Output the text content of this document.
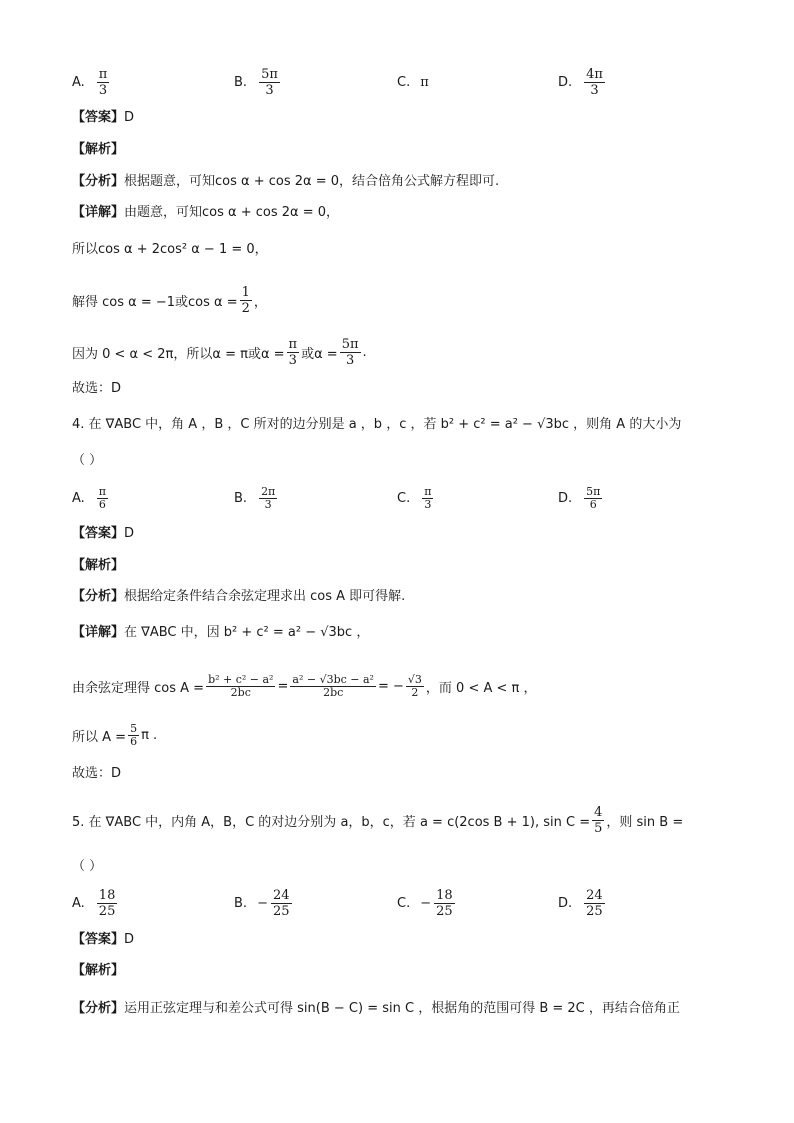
A. $\frac{\pi}{3}$	B. $\frac{5\pi}{3}$	C. π	D. $\frac{4\pi}{3}$
【答案】D
【解析】
【分析】根据题意，可知cos α + cos 2α = 0，结合倍角公式解方程即可.
【详解】由题意，可知cos α + cos 2α = 0，
所以cos α + 2cos² α − 1 = 0，
解得 cos α = −1或$\cos \alpha = \frac{1}{2}$ ，
因为 0 < α < 2π，所以α = π或$\alpha = \frac{\pi}{3}$ 或$\alpha = \frac{5\pi}{3}$ .
故选：D
4. 在 ∇ABC 中，角 A ，B ，C 所对的边分别是 a ，b ，c ，若 b² + c² = a² − √3bc ，则角 A 的大小为
（ ）
A. $\frac{\pi}{6}$	B. $\frac{2\pi}{3}$	C. $\frac{\pi}{3}$	D. $\frac{5\pi}{6}$
【答案】D
【解析】
【分析】根据给定条件结合余弦定理求出 cos A 即可得解.
【详解】在 ∇ABC 中，因 b² + c² = a² − √3bc ，
由余弦定理得 $\cos A = \frac{\text{b² + c² − a²}}{2bc} = \frac{\text{a² − √3bc − a²}}{2bc}$ = − $\frac{√3}{2}$ ，而 0 < A < π ，
所以 $A = \frac{5}{6}$ π .
故选：D
5. 在 ∇ABC 中，内角 A，B，C 的对边分别为 a，b，c，若 a = c(2cos B + 1), $\sin C = \frac{4}{5}$ ，则 sin B =
（ ）
A. $\frac{18}{25}$	B. − $\frac{24}{25}$	C. − $\frac{18}{25}$	D. $\frac{24}{25}$
【答案】D
【解析】
【分析】运用正弦定理与和差公式可得 sin(B − C) = sin C ，根据角的范围可得 B = 2C ，再结合倍角正
